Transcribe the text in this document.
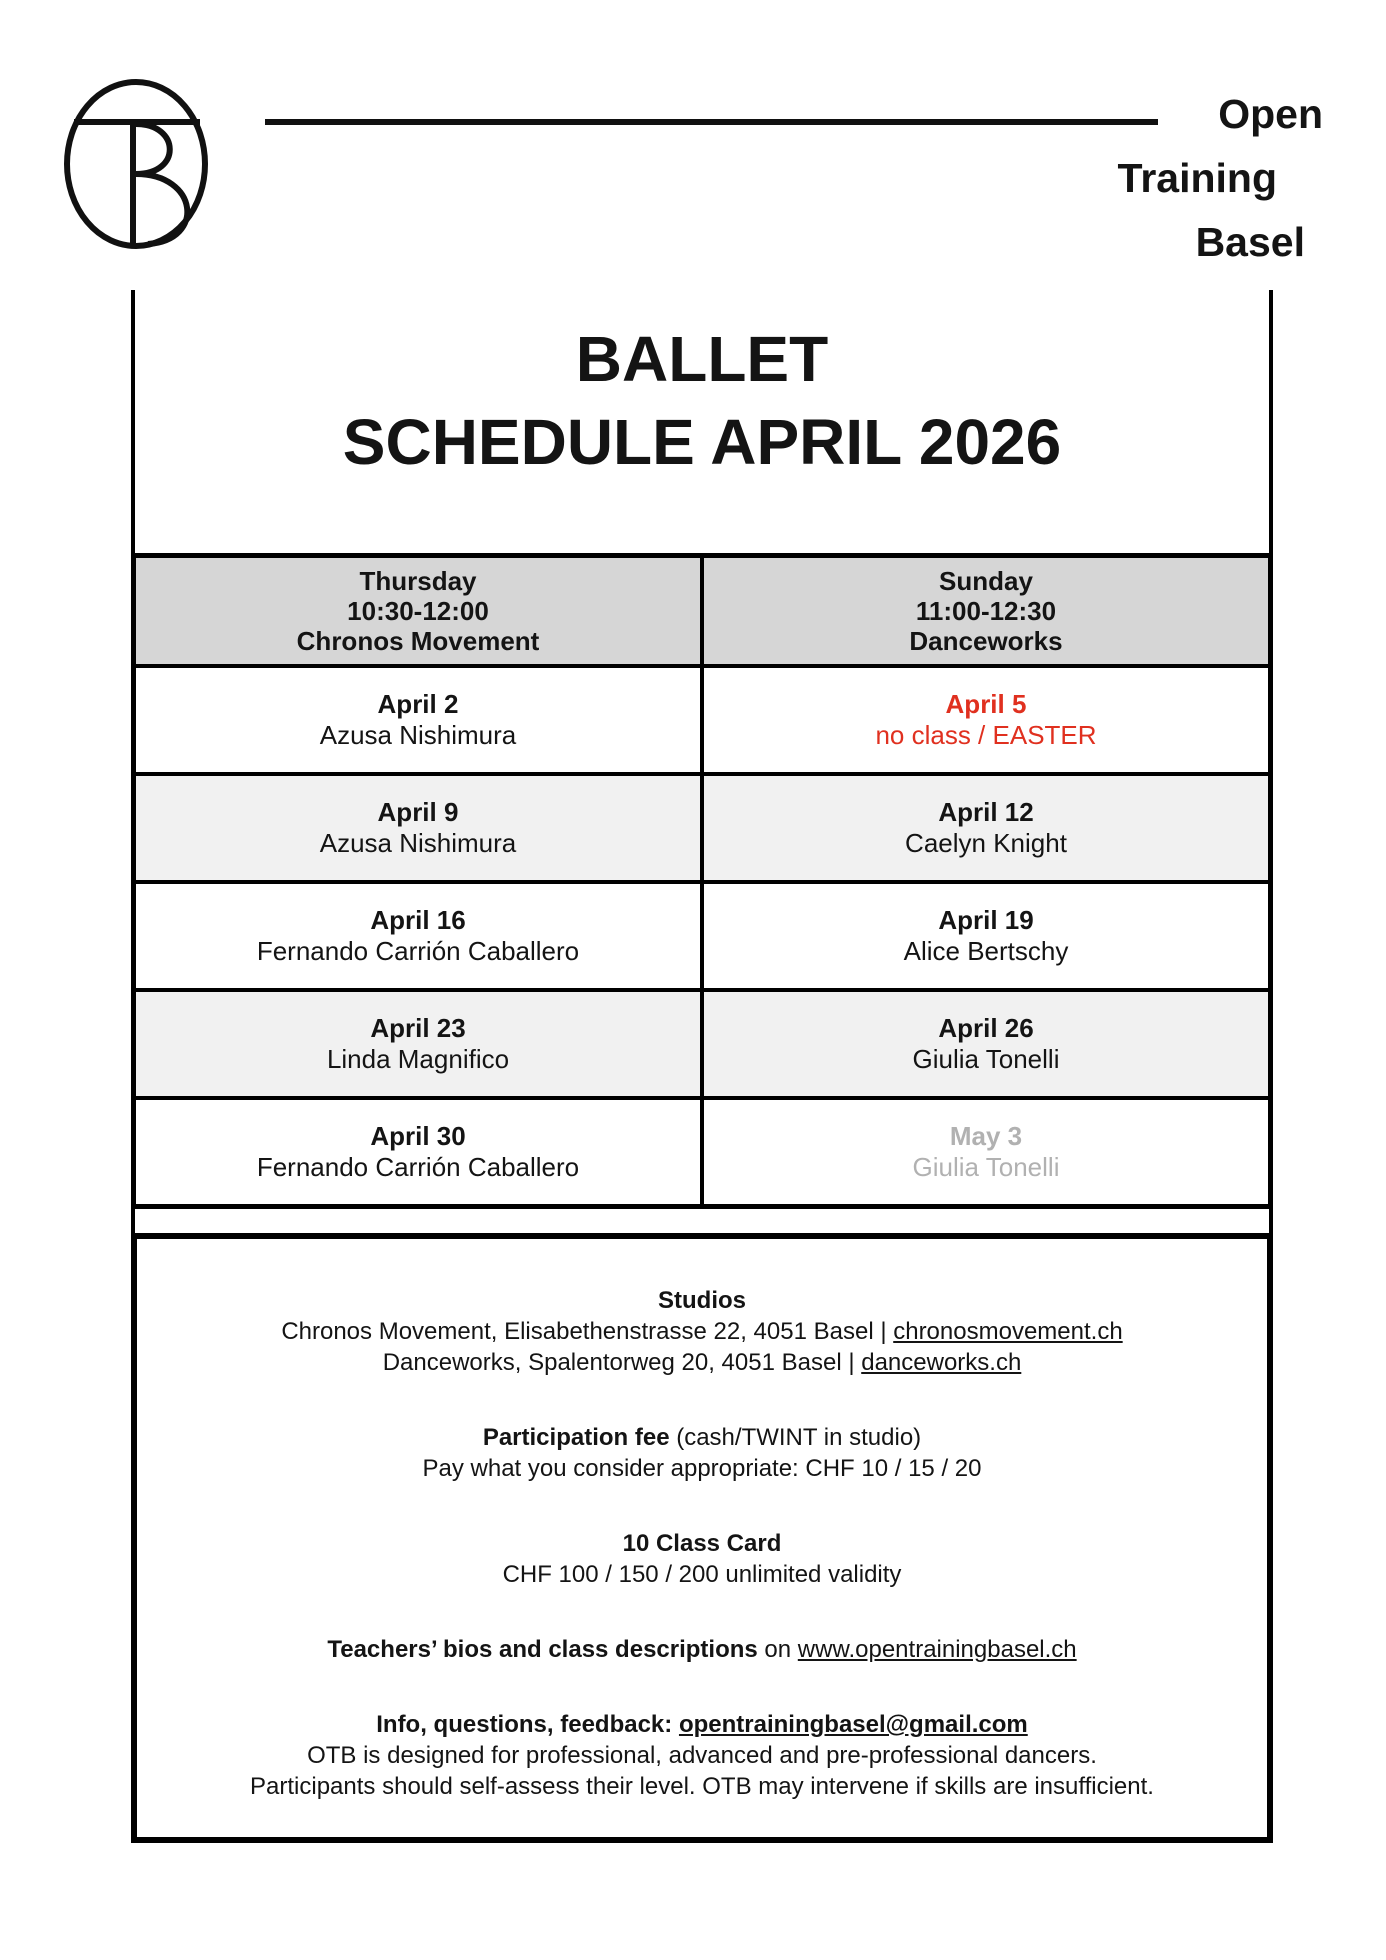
Open
Training
Basel
BALLET
SCHEDULE APRIL 2026
Thursday
10:30-12:00
Chronos Movement
Sunday
11:00-12:30
Danceworks
April 2
Azusa Nishimura
April 5
no class / EASTER
April 9
Azusa Nishimura
April 12
Caelyn Knight
April 16
Fernando Carrión Caballero
April 19
Alice Bertschy
April 23
Linda Magnifico
April 26
Giulia Tonelli
April 30
Fernando Carrión Caballero
May 3
Giulia Tonelli
Studios
Chronos Movement, Elisabethenstrasse 22, 4051 Basel | chronosmovement.ch
Danceworks, Spalentorweg 20, 4051 Basel | danceworks.ch
Participation fee (cash/TWINT in studio)
Pay what you consider appropriate: CHF 10 / 15 / 20
10 Class Card
CHF 100 / 150 / 200 unlimited validity
Teachers’ bios and class descriptions on www.opentrainingbasel.ch
Info, questions, feedback: opentrainingbasel@gmail.com
OTB is designed for professional, advanced and pre-professional dancers.
Participants should self-assess their level. OTB may intervene if skills are insufficient.
